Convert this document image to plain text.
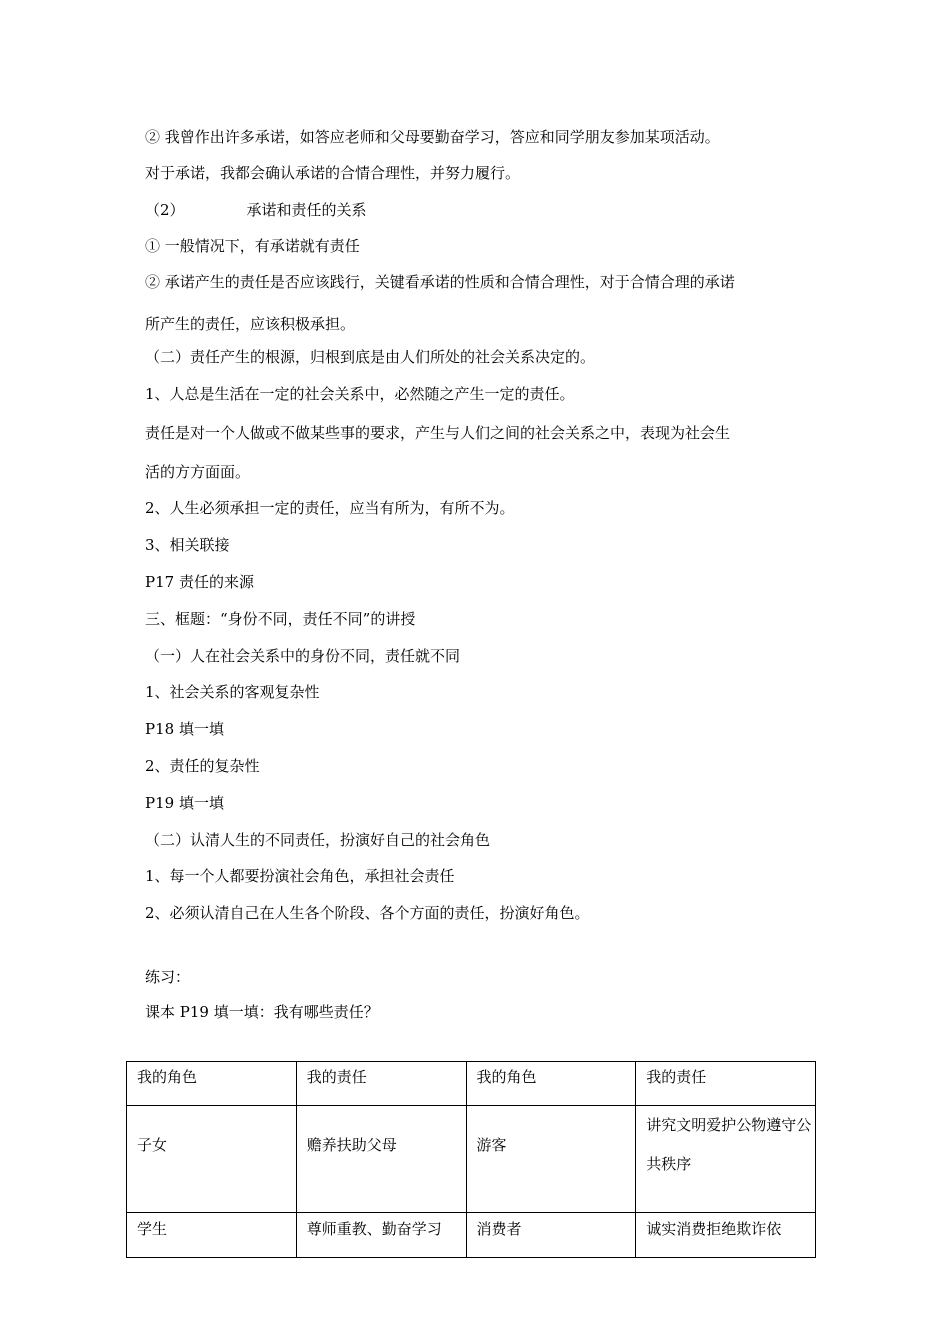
② 我曾作出许多承诺，如答应老师和父母要勤奋学习，答应和同学朋友参加某项活动。
对于承诺，我都会确认承诺的合情合理性，并努力履行。
（2）	承诺和责任的关系
① 一般情况下，有承诺就有责任
② 承诺产生的责任是否应该践行，关键看承诺的性质和合情合理性，对于合情合理的承诺
所产生的责任，应该积极承担。
（二）责任产生的根源，归根到底是由人们所处的社会关系决定的。
1、人总是生活在一定的社会关系中，必然随之产生一定的责任。
责任是对一个人做或不做某些事的要求，产生与人们之间的社会关系之中，表现为社会生
活的方方面面。
2、人生必须承担一定的责任，应当有所为，有所不为。
3、相关联接
P17 责任的来源
三、框题：“身份不同，责任不同”的讲授
（一）人在社会关系中的身份不同，责任就不同
1、社会关系的客观复杂性
P18 填一填
2、责任的复杂性
P19 填一填
（二）认清人生的不同责任，扮演好自己的社会角色
1、每一个人都要扮演社会角色，承担社会责任
2、必须认清自己在人生各个阶段、各个方面的责任，扮演好角色。
练习：
课本 P19 填一填：我有哪些责任？
我的角色	我的责任	我的角色	我的责任
子女	赡养扶助父母	游客	讲究文明爱护公物遵守公共秩序
学生	尊师重教、勤奋学习	消费者	诚实消费拒绝欺诈依
